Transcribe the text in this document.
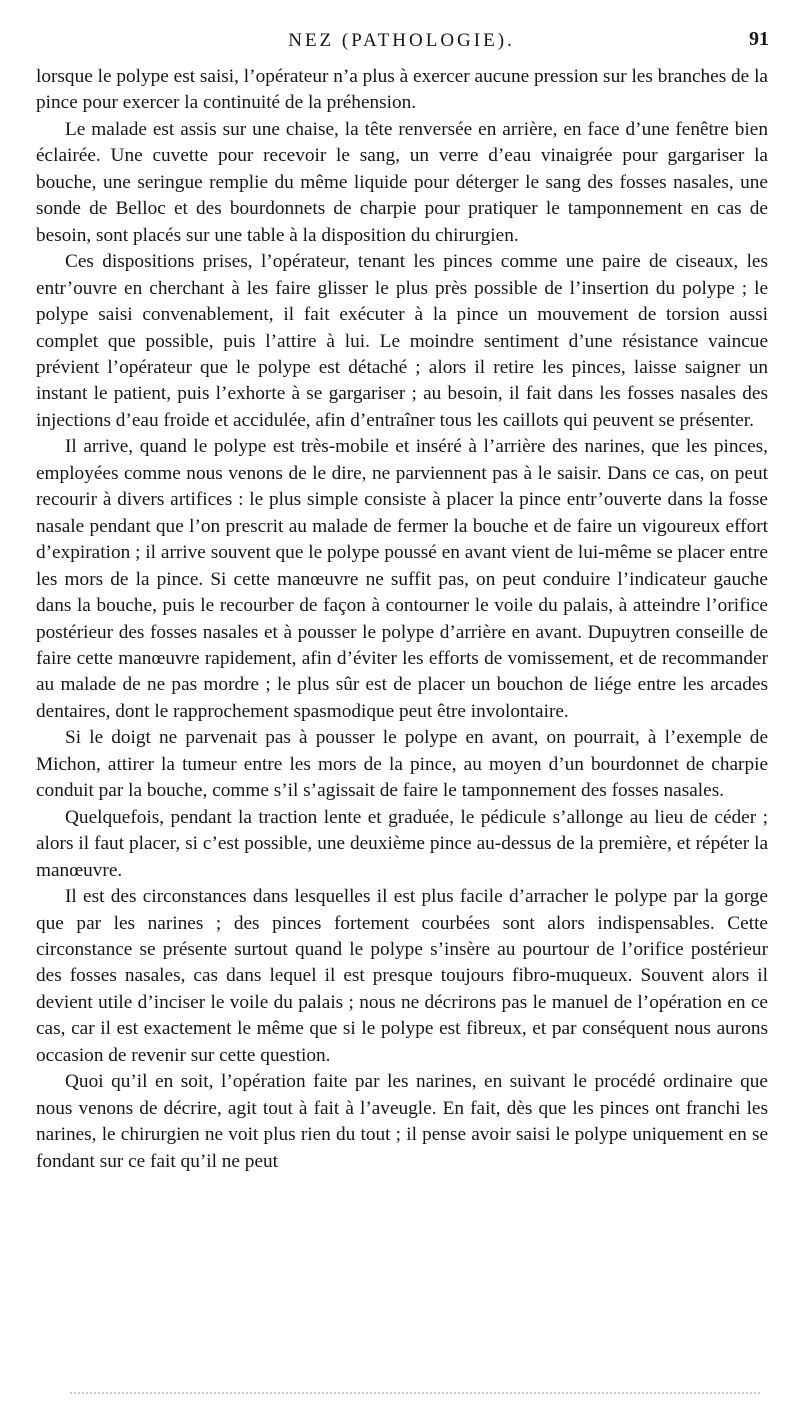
NEZ (PATHOLOGIE).	91

lorsque le polype est saisi, l’opérateur n’a plus à exercer aucune pression sur les branches de la pince pour exercer la continuité de la préhension.

Le malade est assis sur une chaise, la tête renversée en arrière, en face d’une fenêtre bien éclairée. Une cuvette pour recevoir le sang, un verre d’eau vinaigrée pour gargariser la bouche, une seringue remplie du même liquide pour déterger le sang des fosses nasales, une sonde de Belloc et des bourdonnets de charpie pour pratiquer le tamponnement en cas de besoin, sont placés sur une table à la disposition du chirurgien.

Ces dispositions prises, l’opérateur, tenant les pinces comme une paire de ciseaux, les entr’ouvre en cherchant à les faire glisser le plus près possible de l’insertion du polype ; le polype saisi convenablement, il fait exécuter à la pince un mouvement de torsion aussi complet que possible, puis l’attire à lui. Le moindre sentiment d’une résistance vaincue prévient l’opérateur que le polype est détaché ; alors il retire les pinces, laisse saigner un instant le patient, puis l’exhorte à se gargariser ; au besoin, il fait dans les fosses nasales des injections d’eau froide et accidulée, afin d’entraîner tous les caillots qui peuvent se présenter.

Il arrive, quand le polype est très-mobile et inséré à l’arrière des narines, que les pinces, employées comme nous venons de le dire, ne parviennent pas à le saisir. Dans ce cas, on peut recourir à divers artifices : le plus simple consiste à placer la pince entr’ouverte dans la fosse nasale pendant que l’on prescrit au malade de fermer la bouche et de faire un vigoureux effort d’expiration ; il arrive souvent que le polype poussé en avant vient de lui-même se placer entre les mors de la pince. Si cette manœuvre ne suffit pas, on peut conduire l’indicateur gauche dans la bouche, puis le recourber de façon à contourner le voile du palais, à atteindre l’orifice postérieur des fosses nasales et à pousser le polype d’arrière en avant. Dupuytren conseille de faire cette manœuvre rapidement, afin d’éviter les efforts de vomissement, et de recommander au malade de ne pas mordre ; le plus sûr est de placer un bouchon de liége entre les arcades dentaires, dont le rapprochement spasmodique peut être involontaire.

Si le doigt ne parvenait pas à pousser le polype en avant, on pourrait, à l’exemple de Michon, attirer la tumeur entre les mors de la pince, au moyen d’un bourdonnet de charpie conduit par la bouche, comme s’il s’agissait de faire le tamponnement des fosses nasales.

Quelquefois, pendant la traction lente et graduée, le pédicule s’allonge au lieu de céder ; alors il faut placer, si c’est possible, une deuxième pince au-dessus de la première, et répéter la manœuvre.

Il est des circonstances dans lesquelles il est plus facile d’arracher le polype par la gorge que par les narines ; des pinces fortement courbées sont alors indispensables. Cette circonstance se présente surtout quand le polype s’insère au pourtour de l’orifice postérieur des fosses nasales, cas dans lequel il est presque toujours fibro-muqueux. Souvent alors il devient utile d’inciser le voile du palais ; nous ne décrirons pas le manuel de l’opération en ce cas, car il est exactement le même que si le polype est fibreux, et par conséquent nous aurons occasion de revenir sur cette question.

Quoi qu’il en soit, l’opération faite par les narines, en suivant le procédé ordinaire que nous venons de décrire, agit tout à fait à l’aveugle. En fait, dès que les pinces ont franchi les narines, le chirurgien ne voit plus rien du tout ; il pense avoir saisi le polype uniquement en se fondant sur ce fait qu’il ne peut
